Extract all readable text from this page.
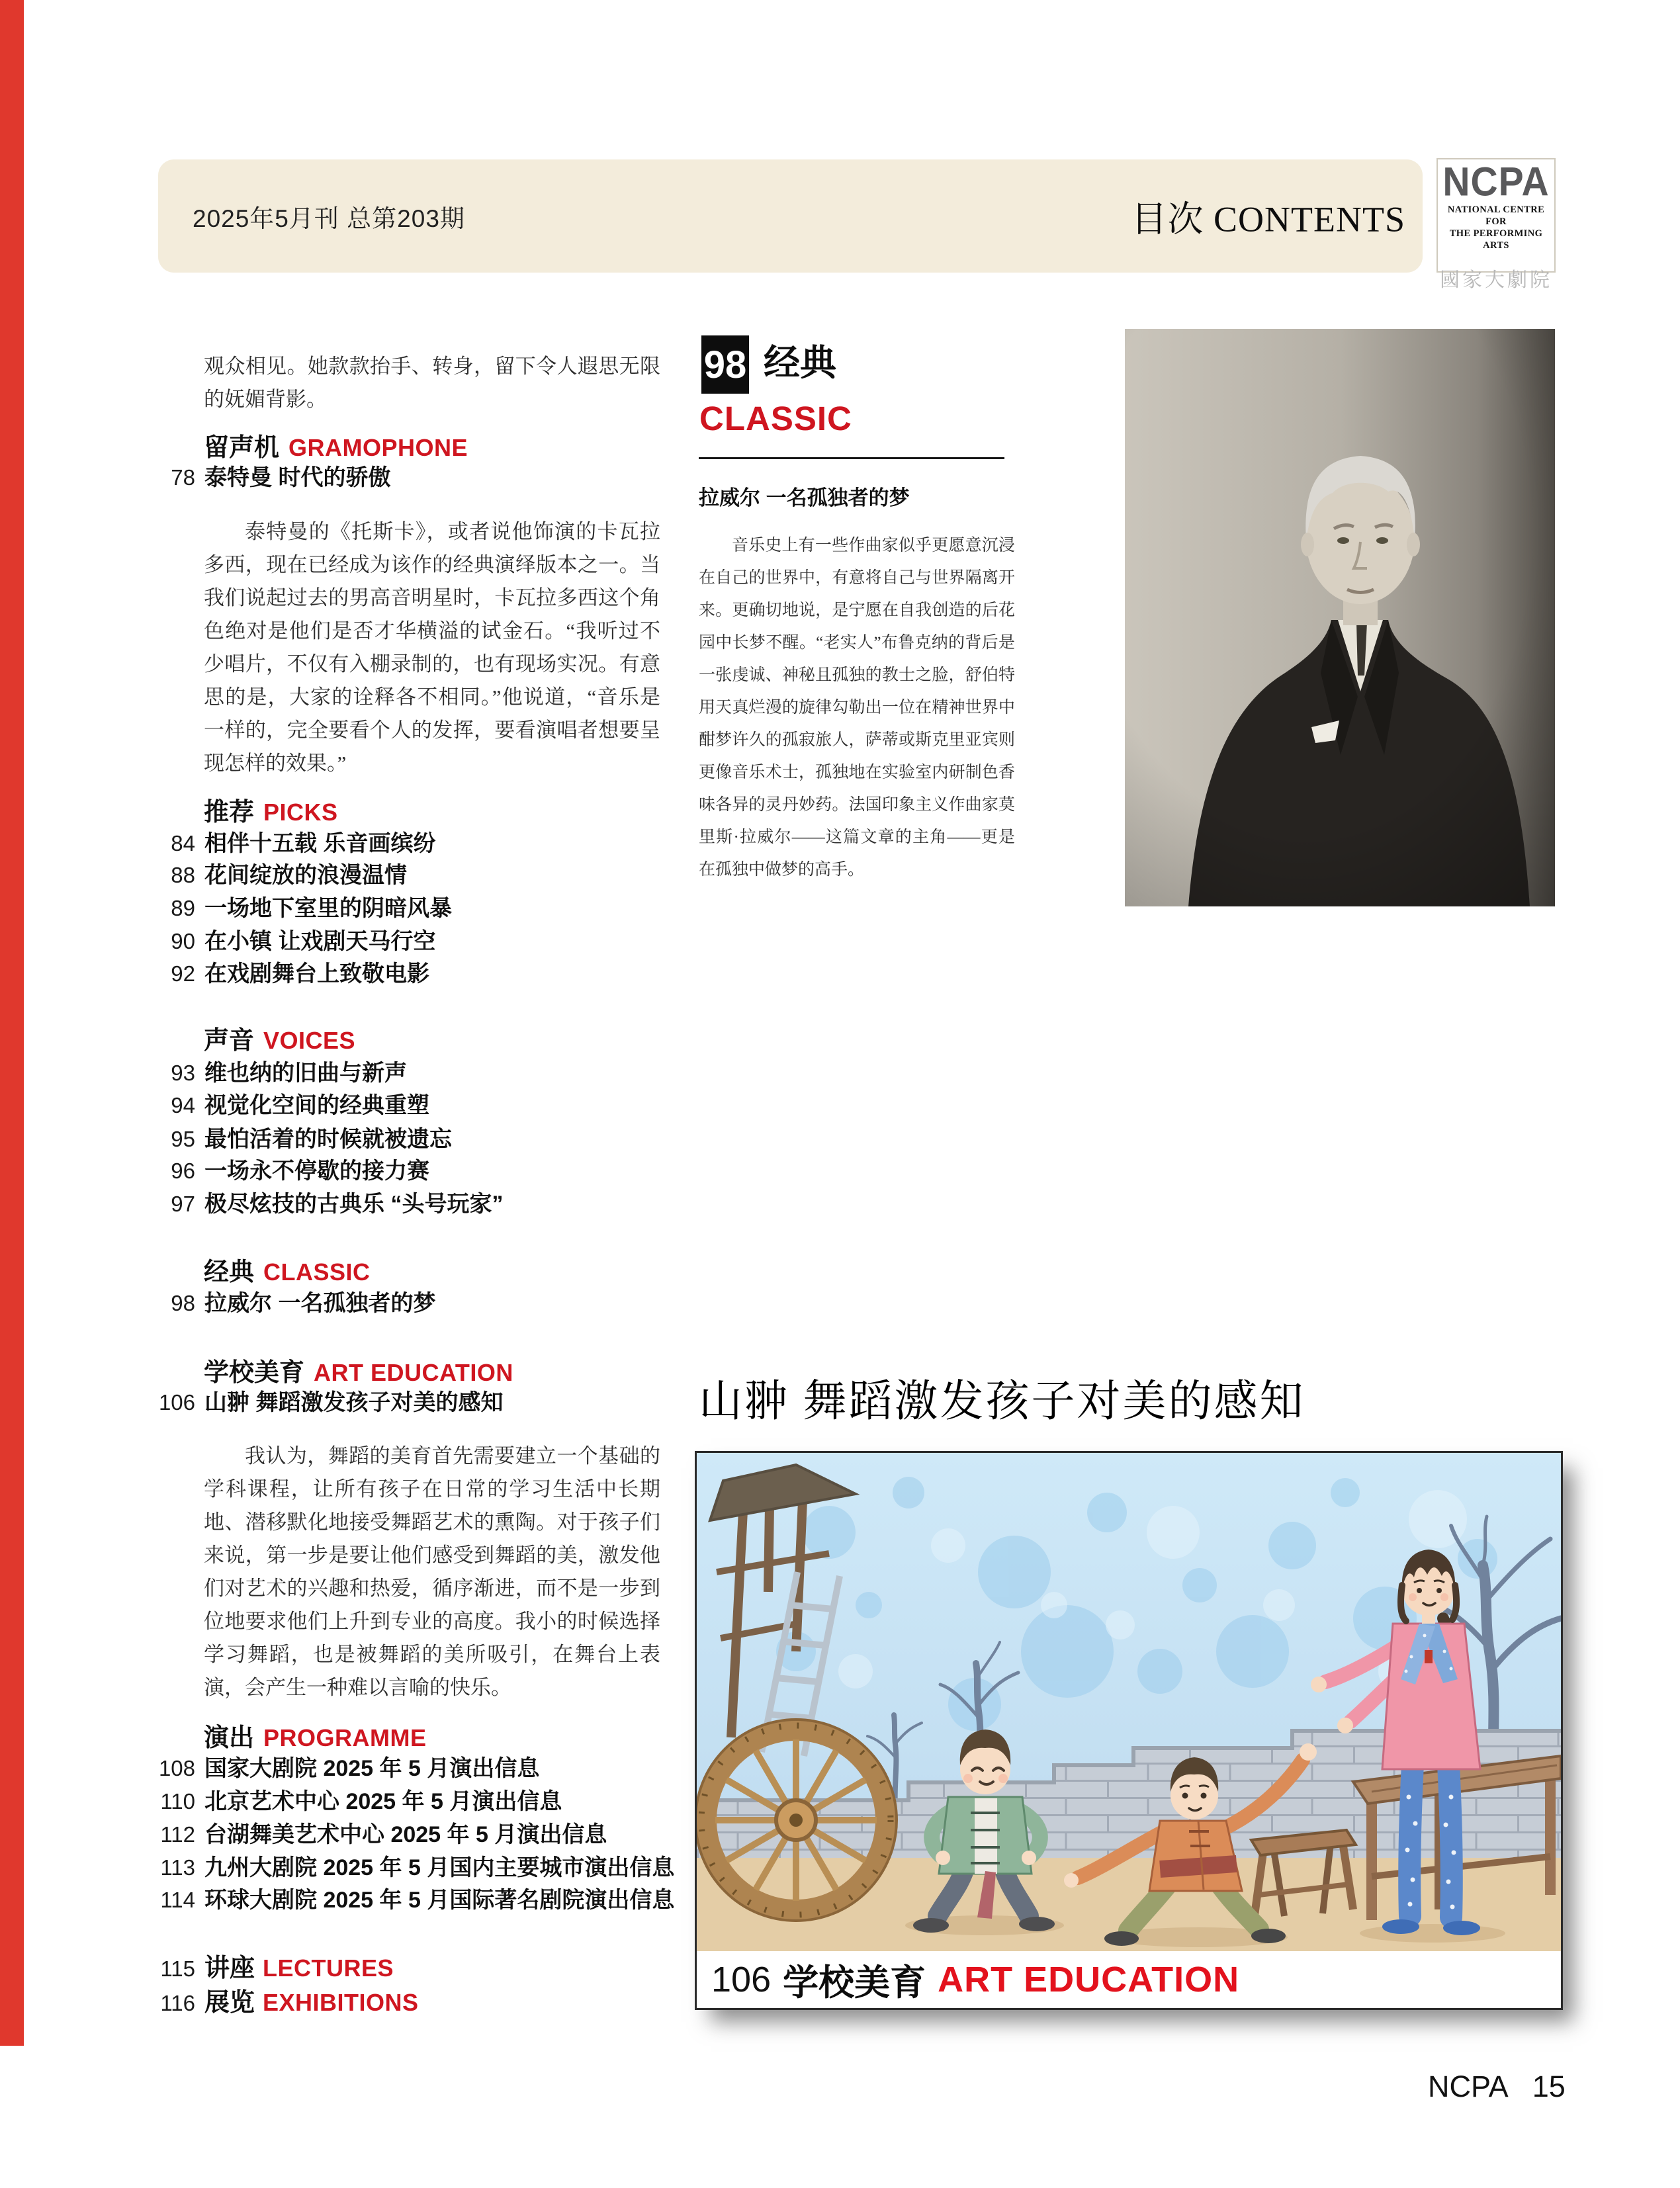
2025年5月刊 总第203期	目次 CONTENTS
NCPA
NATIONAL CENTRE FOR
THE PERFORMING ARTS
國家大劇院

观众相见。她款款抬手、转身，留下令人遐思无限的妩媚背影。

留声机 GRAMOPHONE
78 泰特曼 时代的骄傲

泰特曼的《托斯卡》，或者说他饰演的卡瓦拉多西，现在已经成为该作的经典演绎版本之一。当我们说起过去的男高音明星时，卡瓦拉多西这个角色绝对是他们是否才华横溢的试金石。“我听过不少唱片，不仅有入棚录制的，也有现场实况。有意思的是，大家的诠释各不相同。”他说道，“音乐是一样的，完全要看个人的发挥，要看演唱者想要呈现怎样的效果。”

推荐 PICKS
84 相伴十五载 乐音画缤纷
88 花间绽放的浪漫温情
89 一场地下室里的阴暗风暴
90 在小镇 让戏剧天马行空
92 在戏剧舞台上致敬电影
声音 VOICES
93 维也纳的旧曲与新声
94 视觉化空间的经典重塑
95 最怕活着的时候就被遗忘
96 一场永不停歇的接力赛
97 极尽炫技的古典乐 “头号玩家”
经典 CLASSIC
98 拉威尔 一名孤独者的梦
学校美育 ART EDUCATION
106 山翀 舞蹈激发孩子对美的感知

我认为，舞蹈的美育首先需要建立一个基础的学科课程，让所有孩子在日常的学习生活中长期地、潜移默化地接受舞蹈艺术的熏陶。对于孩子们来说，第一步是要让他们感受到舞蹈的美，激发他们对艺术的兴趣和热爱，循序渐进，而不是一步到位地要求他们上升到专业的高度。我小的时候选择学习舞蹈，也是被舞蹈的美所吸引，在舞台上表演，会产生一种难以言喻的快乐。

演出 PROGRAMME
108 国家大剧院 2025 年 5 月演出信息
110 北京艺术中心 2025 年 5 月演出信息
112 台湖舞美艺术中心 2025 年 5 月演出信息
113 九州大剧院 2025 年 5 月国内主要城市演出信息
114 环球大剧院 2025 年 5 月国际著名剧院演出信息
115 讲座 LECTURES
116 展览 EXHIBITIONS
98 经典
CLASSIC
拉威尔 一名孤独者的梦

音乐史上有一些作曲家似乎更愿意沉浸在自己的世界中，有意将自己与世界隔离开来。更确切地说，是宁愿在自我创造的后花园中长梦不醒。“老实人”布鲁克纳的背后是一张虔诚、神秘且孤独的教士之脸，舒伯特用天真烂漫的旋律勾勒出一位在精神世界中酣梦许久的孤寂旅人，萨蒂或斯克里亚宾则更像音乐术士，孤独地在实验室内研制色香味各异的灵丹妙药。法国印象主义作曲家莫里斯·拉威尔——这篇文章的主角——更是在孤独中做梦的高手。

山翀 舞蹈激发孩子对美的感知
106 学校美育 ART EDUCATION
NCPA 15
